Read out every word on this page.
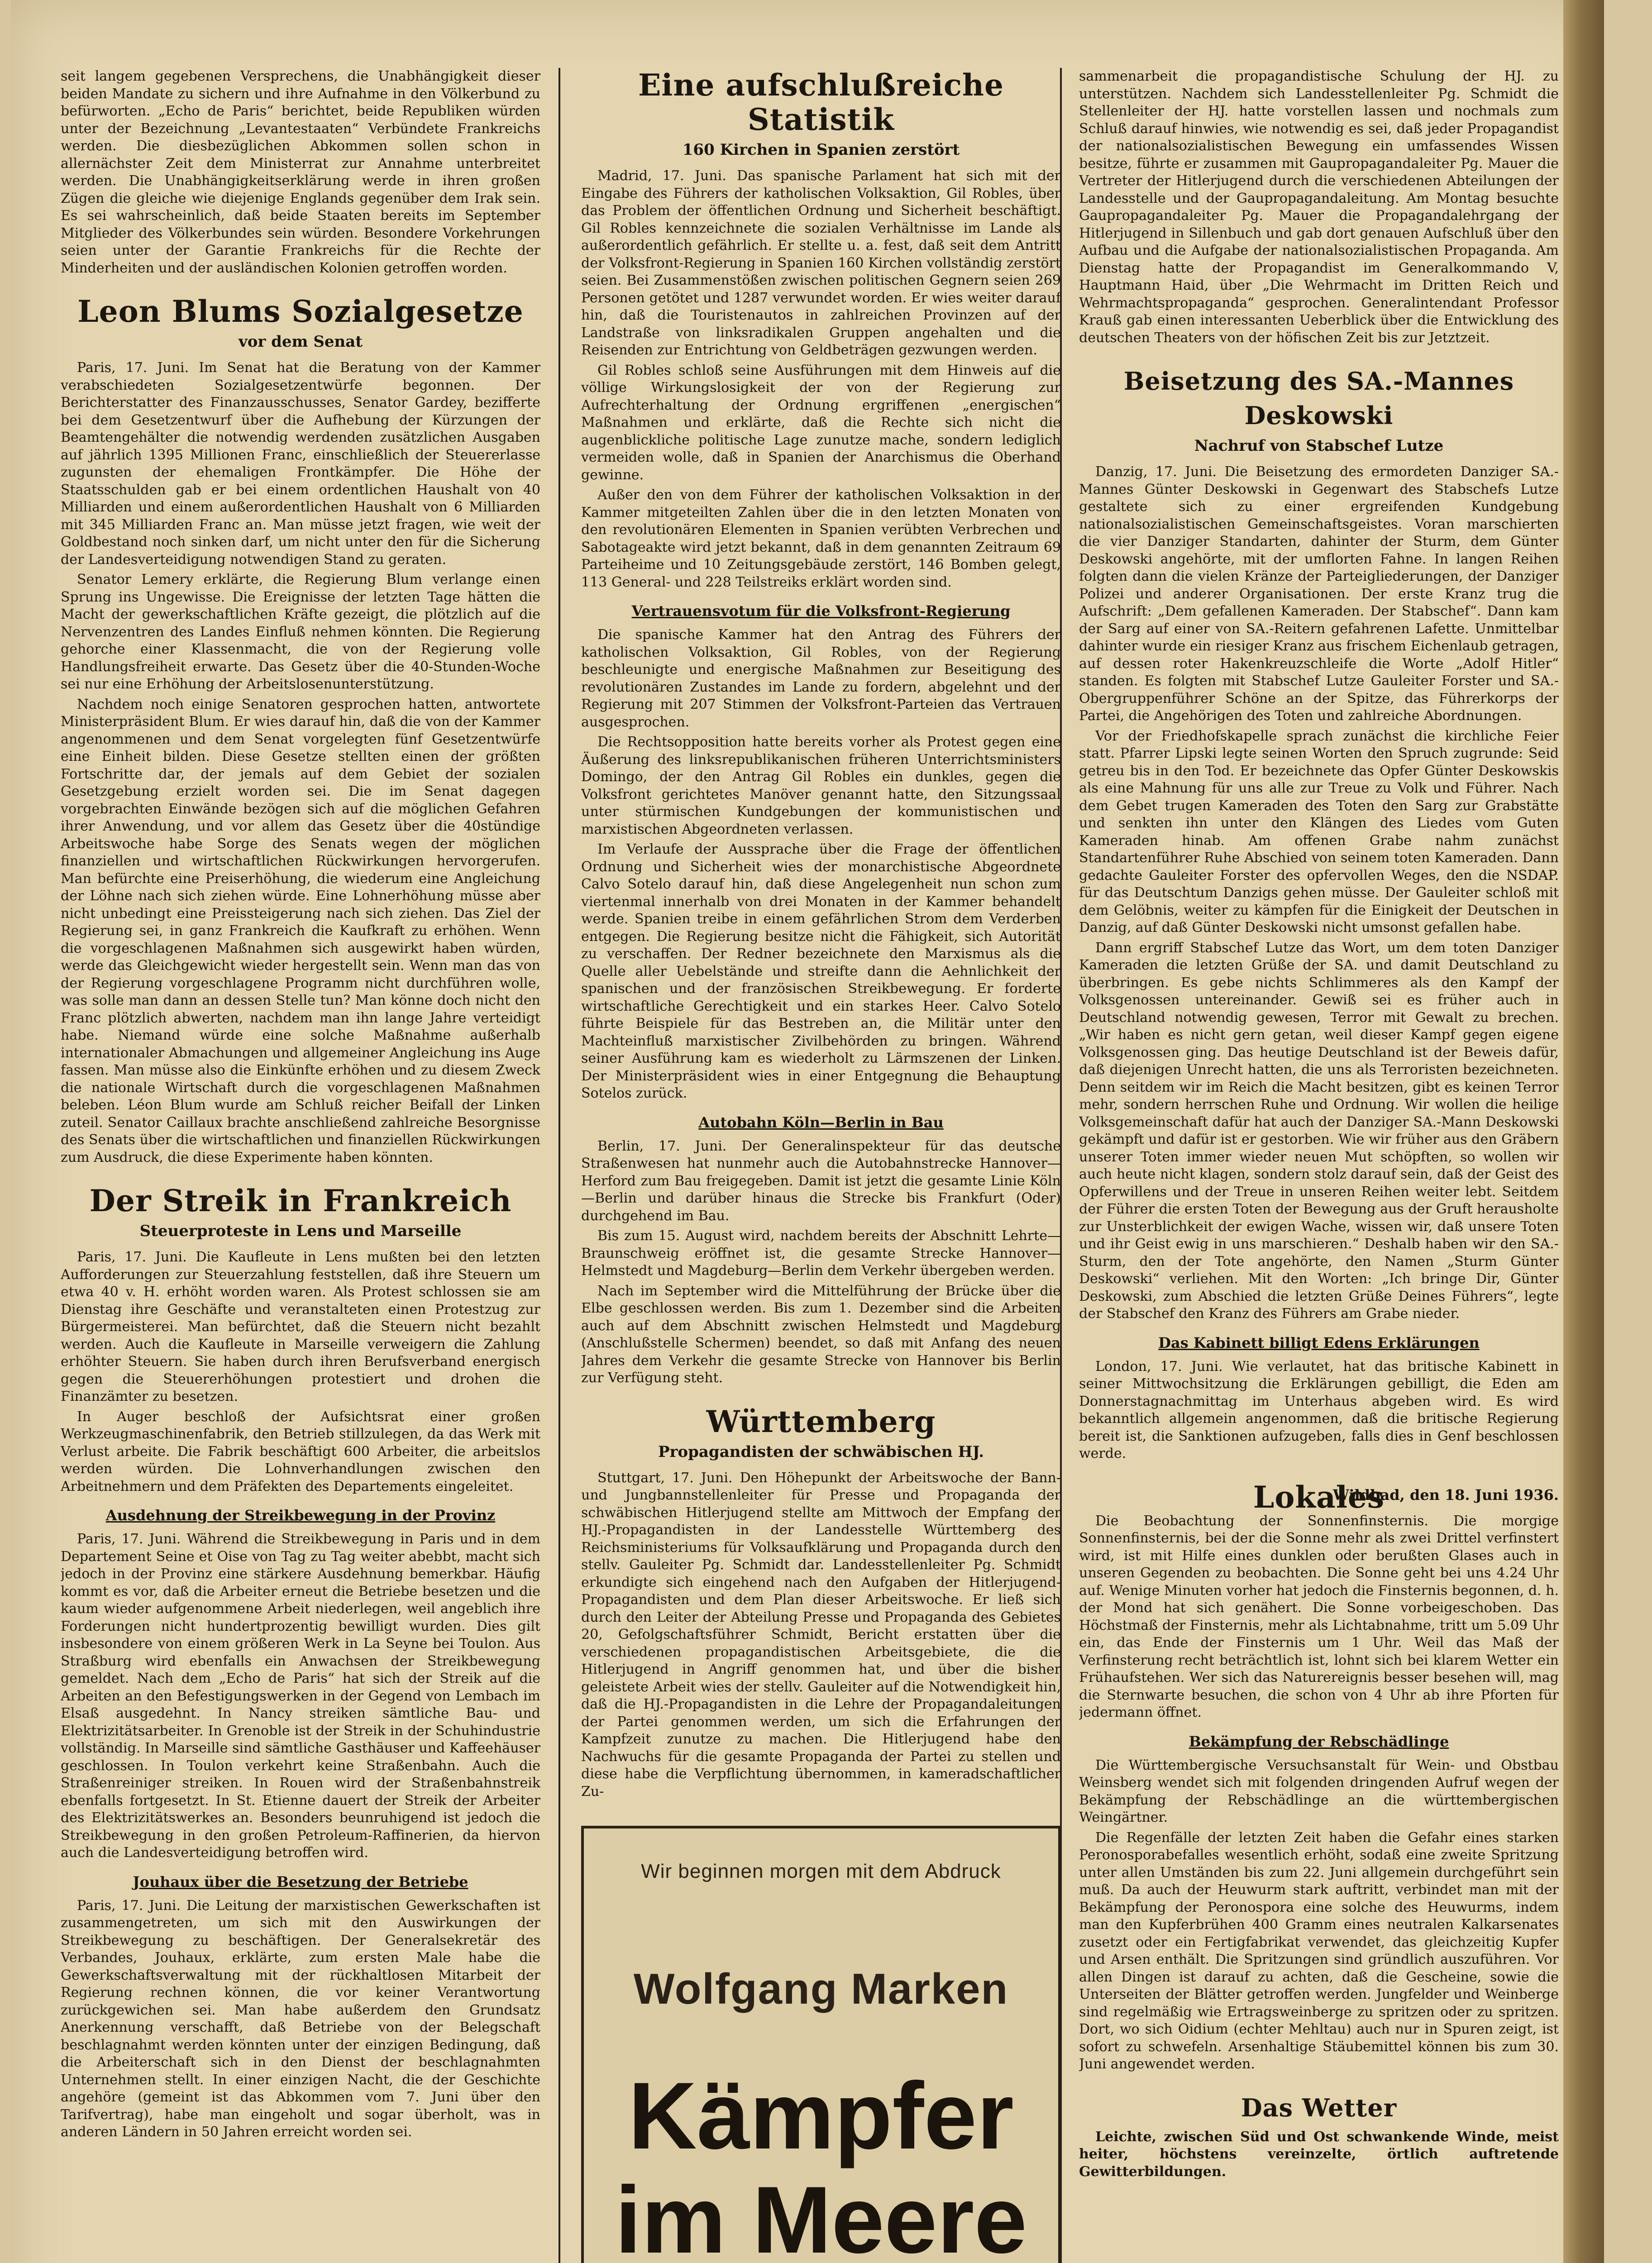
seit langem gegebenen Versprechens, die Unabhängigkeit dieser beiden Mandate zu sichern und ihre Aufnahme in den Völkerbund zu befürworten. „Echo de Paris“ berichtet, beide Republiken würden unter der Bezeichnung „Levantestaaten“ Verbündete Frankreichs werden. Die diesbezüglichen Abkommen sollen schon in allernächster Zeit dem Ministerrat zur Annahme unterbreitet werden. Die Unabhängigkeitserklärung werde in ihren großen Zügen die gleiche wie diejenige Englands gegenüber dem Irak sein. Es sei wahrscheinlich, daß beide Staaten bereits im September Mitglieder des Völkerbundes sein würden. Besondere Vorkehrungen seien unter der Garantie Frankreichs für die Rechte der Minderheiten und der ausländischen Kolonien getroffen worden.

Leon Blums Sozialgesetze
vor dem Senat

Paris, 17. Juni. Im Senat hat die Beratung von der Kammer verabschiedeten Sozialgesetzentwürfe begonnen. Der Berichterstatter des Finanzausschusses, Senator Gardey, bezifferte bei dem Gesetzentwurf über die Aufhebung der Kürzungen der Beamtengehälter die notwendig werdenden zusätzlichen Ausgaben auf jährlich 1395 Millionen Franc, einschließlich der Steuererlasse zugunsten der ehemaligen Frontkämpfer. Die Höhe der Staatsschulden gab er bei einem ordentlichen Haushalt von 40 Milliarden und einem außerordentlichen Haushalt von 6 Milliarden mit 345 Milliarden Franc an. Man müsse jetzt fragen, wie weit der Goldbestand noch sinken darf, um nicht unter den für die Sicherung der Landesverteidigung notwendigen Stand zu geraten.

Senator Lemery erklärte, die Regierung Blum verlange einen Sprung ins Ungewisse. Die Ereignisse der letzten Tage hätten die Macht der gewerkschaftlichen Kräfte gezeigt, die plötzlich auf die Nervenzentren des Landes Einfluß nehmen könnten. Die Regierung gehorche einer Klassenmacht, die von der Regierung volle Handlungsfreiheit erwarte. Das Gesetz über die 40-Stunden-Woche sei nur eine Erhöhung der Arbeitslosenunterstützung.

Nachdem noch einige Senatoren gesprochen hatten, antwortete Ministerpräsident Blum. Er wies darauf hin, daß die von der Kammer angenommenen und dem Senat vorgelegten fünf Gesetzentwürfe eine Einheit bilden. Diese Gesetze stellten einen der größten Fortschritte dar, der jemals auf dem Gebiet der sozialen Gesetzgebung erzielt worden sei. Die im Senat dagegen vorgebrachten Einwände bezögen sich auf die möglichen Gefahren ihrer Anwendung, und vor allem das Gesetz über die 40stündige Arbeitswoche habe Sorge des Senats wegen der möglichen finanziellen und wirtschaftlichen Rückwirkungen hervorgerufen. Man befürchte eine Preiserhöhung, die wiederum eine Angleichung der Löhne nach sich ziehen würde. Eine Lohnerhöhung müsse aber nicht unbedingt eine Preissteigerung nach sich ziehen. Das Ziel der Regierung sei, in ganz Frankreich die Kaufkraft zu erhöhen. Wenn die vorgeschlagenen Maßnahmen sich ausgewirkt haben würden, werde das Gleichgewicht wieder hergestellt sein. Wenn man das von der Regierung vorgeschlagene Programm nicht durchführen wolle, was solle man dann an dessen Stelle tun? Man könne doch nicht den Franc plötzlich abwerten, nachdem man ihn lange Jahre verteidigt habe. Niemand würde eine solche Maßnahme außerhalb internationaler Abmachungen und allgemeiner Angleichung ins Auge fassen. Man müsse also die Einkünfte erhöhen und zu diesem Zweck die nationale Wirtschaft durch die vorgeschlagenen Maßnahmen beleben. Léon Blum wurde am Schluß reicher Beifall der Linken zuteil. Senator Caillaux brachte anschließend zahlreiche Besorgnisse des Senats über die wirtschaftlichen und finanziellen Rückwirkungen zum Ausdruck, die diese Experimente haben könnten.

Der Streik in Frankreich
Steuerproteste in Lens und Marseille

Paris, 17. Juni. Die Kaufleute in Lens mußten bei den letzten Aufforderungen zur Steuerzahlung feststellen, daß ihre Steuern um etwa 40 v. H. erhöht worden waren. Als Protest schlossen sie am Dienstag ihre Geschäfte und veranstalteten einen Protestzug zur Bürgermeisterei. Man befürchtet, daß die Steuern nicht bezahlt werden. Auch die Kaufleute in Marseille verweigern die Zahlung erhöhter Steuern. Sie haben durch ihren Berufsverband energisch gegen die Steuererhöhungen protestiert und drohen die Finanzämter zu besetzen.

In Auger beschloß der Aufsichtsrat einer großen Werkzeugmaschinenfabrik, den Betrieb stillzulegen, da das Werk mit Verlust arbeite. Die Fabrik beschäftigt 600 Arbeiter, die arbeitslos werden würden. Die Lohnverhandlungen zwischen den Arbeitnehmern und dem Präfekten des Departements eingeleitet.

Ausdehnung der Streikbewegung in der Provinz

Paris, 17. Juni. Während die Streikbewegung in Paris und in dem Departement Seine et Oise von Tag zu Tag weiter abebbt, macht sich jedoch in der Provinz eine stärkere Ausdehnung bemerkbar. Häufig kommt es vor, daß die Arbeiter erneut die Betriebe besetzen und die kaum wieder aufgenommene Arbeit niederlegen, weil angeblich ihre Forderungen nicht hundertprozentig bewilligt wurden. Dies gilt insbesondere von einem größeren Werk in La Seyne bei Toulon. Aus Straßburg wird ebenfalls ein Anwachsen der Streikbewegung gemeldet. Nach dem „Echo de Paris“ hat sich der Streik auf die Arbeiten an den Befestigungswerken in der Gegend von Lembach im Elsaß ausgedehnt. In Nancy streiken sämtliche Bau- und Elektrizitätsarbeiter. In Grenoble ist der Streik in der Schuhindustrie vollständig. In Marseille sind sämtliche Gasthäuser und Kaffeehäuser geschlossen. In Toulon verkehrt keine Straßenbahn. Auch die Straßenreiniger streiken. In Rouen wird der Straßenbahnstreik ebenfalls fortgesetzt. In St. Etienne dauert der Streik der Arbeiter des Elektrizitätswerkes an. Besonders beunruhigend ist jedoch die Streikbewegung in den großen Petroleum-Raffinerien, da hiervon auch die Landesverteidigung betroffen wird.

Jouhaux über die Besetzung der Betriebe

Paris, 17. Juni. Die Leitung der marxistischen Gewerkschaften ist zusammengetreten, um sich mit den Auswirkungen der Streikbewegung zu beschäftigen. Der Generalsekretär des Verbandes, Jouhaux, erklärte, zum ersten Male habe die Gewerkschaftsverwaltung mit der rückhaltlosen Mitarbeit der Regierung rechnen können, die vor keiner Verantwortung zurückgewichen sei. Man habe außerdem den Grundsatz Anerkennung verschafft, daß Betriebe von der Belegschaft beschlagnahmt werden könnten unter der einzigen Bedingung, daß die Arbeiterschaft sich in den Dienst der beschlagnahmten Unternehmen stellt. In einer einzigen Nacht, die der Geschichte angehöre (gemeint ist das Abkommen vom 7. Juni über den Tarifvertrag), habe man eingeholt und sogar überholt, was in anderen Ländern in 50 Jahren erreicht worden sei.

Eine aufschlußreiche Statistik
160 Kirchen in Spanien zerstört

Madrid, 17. Juni. Das spanische Parlament hat sich mit der Eingabe des Führers der katholischen Volksaktion, Gil Robles, über das Problem der öffentlichen Ordnung und Sicherheit beschäftigt. Gil Robles kennzeichnete die sozialen Verhältnisse im Lande als außerordentlich gefährlich. Er stellte u. a. fest, daß seit dem Antritt der Volksfront-Regierung in Spanien 160 Kirchen vollständig zerstört seien. Bei Zusammenstößen zwischen politischen Gegnern seien 269 Personen getötet und 1287 verwundet worden. Er wies weiter darauf hin, daß die Touristenautos in zahlreichen Provinzen auf der Landstraße von linksradikalen Gruppen angehalten und die Reisenden zur Entrichtung von Geldbeträgen gezwungen werden.

Gil Robles schloß seine Ausführungen mit dem Hinweis auf die völlige Wirkungslosigkeit der von der Regierung zur Aufrechterhaltung der Ordnung ergriffenen „energischen“ Maßnahmen und erklärte, daß die Rechte sich nicht die augenblickliche politische Lage zunutze mache, sondern lediglich vermeiden wolle, daß in Spanien der Anarchismus die Oberhand gewinne.

Außer den von dem Führer der katholischen Volksaktion in der Kammer mitgeteilten Zahlen über die in den letzten Monaten von den revolutionären Elementen in Spanien verübten Verbrechen und Sabotageakte wird jetzt bekannt, daß in dem genannten Zeitraum 69 Parteiheime und 10 Zeitungsgebäude zerstört, 146 Bomben gelegt, 113 General- und 228 Teilstreiks erklärt worden sind.

Vertrauensvotum für die Volksfront-Regierung

Die spanische Kammer hat den Antrag des Führers der katholischen Volksaktion, Gil Robles, von der Regierung beschleunigte und energische Maßnahmen zur Beseitigung des revolutionären Zustandes im Lande zu fordern, abgelehnt und der Regierung mit 207 Stimmen der Volksfront-Parteien das Vertrauen ausgesprochen.

Die Rechtsopposition hatte bereits vorher als Protest gegen eine Äußerung des linksrepublikanischen früheren Unterrichtsministers Domingo, der den Antrag Gil Robles ein dunkles, gegen die Volksfront gerichtetes Manöver genannt hatte, den Sitzungssaal unter stürmischen Kundgebungen der kommunistischen und marxistischen Abgeordneten verlassen.

Im Verlaufe der Aussprache über die Frage der öffentlichen Ordnung und Sicherheit wies der monarchistische Abgeordnete Calvo Sotelo darauf hin, daß diese Angelegenheit nun schon zum viertenmal innerhalb von drei Monaten in der Kammer behandelt werde. Spanien treibe in einem gefährlichen Strom dem Verderben entgegen. Die Regierung besitze nicht die Fähigkeit, sich Autorität zu verschaffen. Der Redner bezeichnete den Marxismus als die Quelle aller Uebelstände und streifte dann die Aehnlichkeit der spanischen und der französischen Streikbewegung. Er forderte wirtschaftliche Gerechtigkeit und ein starkes Heer. Calvo Sotelo führte Beispiele für das Bestreben an, die Militär unter den Machteinfluß marxistischer Zivilbehörden zu bringen. Während seiner Ausführung kam es wiederholt zu Lärmszenen der Linken. Der Ministerpräsident wies in einer Entgegnung die Behauptung Sotelos zurück.

Autobahn Köln—Berlin in Bau

Berlin, 17. Juni. Der Generalinspekteur für das deutsche Straßenwesen hat nunmehr auch die Autobahnstrecke Hannover—Herford zum Bau freigegeben. Damit ist jetzt die gesamte Linie Köln—Berlin und darüber hinaus die Strecke bis Frankfurt (Oder) durchgehend im Bau.

Bis zum 15. August wird, nachdem bereits der Abschnitt Lehrte—Braunschweig eröffnet ist, die gesamte Strecke Hannover—Helmstedt und Magdeburg—Berlin dem Verkehr übergeben werden.

Nach im September wird die Mittelführung der Brücke über die Elbe geschlossen werden. Bis zum 1. Dezember sind die Arbeiten auch auf dem Abschnitt zwischen Helmstedt und Magdeburg (Anschlußstelle Schermen) beendet, so daß mit Anfang des neuen Jahres dem Verkehr die gesamte Strecke von Hannover bis Berlin zur Verfügung steht.

Württemberg
Propagandisten der schwäbischen HJ.

Stuttgart, 17. Juni. Den Höhepunkt der Arbeitswoche der Bann- und Jungbannstellenleiter für Presse und Propaganda der schwäbischen Hitlerjugend stellte am Mittwoch der Empfang der HJ.-Propagandisten in der Landesstelle Württemberg des Reichsministeriums für Volksaufklärung und Propaganda durch den stellv. Gauleiter Pg. Schmidt dar. Landesstellenleiter Pg. Schmidt erkundigte sich eingehend nach den Aufgaben der Hitlerjugend-Propagandisten und dem Plan dieser Arbeitswoche. Er ließ sich durch den Leiter der Abteilung Presse und Propaganda des Gebietes 20, Gefolgschaftsführer Schmidt, Bericht erstatten über die verschiedenen propagandistischen Arbeitsgebiete, die die Hitlerjugend in Angriff genommen hat, und über die bisher geleistete Arbeit wies der stellv. Gauleiter auf die Notwendigkeit hin, daß die HJ.-Propagandisten in die Lehre der Propagandaleitungen der Partei genommen werden, um sich die Erfahrungen der Kampfzeit zunutze zu machen. Die Hitlerjugend habe den Nachwuchs für die gesamte Propaganda der Partei zu stellen und diese habe die Verpflichtung übernommen, in kameradschaftlicher Zu-

Wir beginnen morgen mit dem Abdruck
Wolfgang Marken
Kämpfer
im Meere

sammenarbeit die propagandistische Schulung der HJ. zu unterstützen. Nachdem sich Landesstellenleiter Pg. Schmidt die Stellenleiter der HJ. hatte vorstellen lassen und nochmals zum Schluß darauf hinwies, wie notwendig es sei, daß jeder Propagandist der nationalsozialistischen Bewegung ein umfassendes Wissen besitze, führte er zusammen mit Gaupropagandaleiter Pg. Mauer die Vertreter der Hitlerjugend durch die verschiedenen Abteilungen der Landesstelle und der Gaupropagandaleitung. Am Montag besuchte Gaupropagandaleiter Pg. Mauer die Propagandalehrgang der Hitlerjugend in Sillenbuch und gab dort genauen Aufschluß über den Aufbau und die Aufgabe der nationalsozialistischen Propaganda. Am Dienstag hatte der Propagandist im Generalkommando V, Hauptmann Haid, über „Die Wehrmacht im Dritten Reich und Wehrmachtspropaganda“ gesprochen. Generalintendant Professor Krauß gab einen interessanten Ueberblick über die Entwicklung des deutschen Theaters von der höfischen Zeit bis zur Jetztzeit.

Beisetzung des SA.-Mannes Deskowski
Nachruf von Stabschef Lutze

Danzig, 17. Juni. Die Beisetzung des ermordeten Danziger SA.-Mannes Günter Deskowski in Gegenwart des Stabschefs Lutze gestaltete sich zu einer ergreifenden Kundgebung nationalsozialistischen Gemeinschaftsgeistes. Voran marschierten die vier Danziger Standarten, dahinter der Sturm, dem Günter Deskowski angehörte, mit der umflorten Fahne. In langen Reihen folgten dann die vielen Kränze der Parteigliederungen, der Danziger Polizei und anderer Organisationen. Der erste Kranz trug die Aufschrift: „Dem gefallenen Kameraden. Der Stabschef“. Dann kam der Sarg auf einer von SA.-Reitern gefahrenen Lafette. Unmittelbar dahinter wurde ein riesiger Kranz aus frischem Eichenlaub getragen, auf dessen roter Hakenkreuzschleife die Worte „Adolf Hitler“ standen. Es folgten mit Stabschef Lutze Gauleiter Forster und SA.-Obergruppenführer Schöne an der Spitze, das Führerkorps der Partei, die Angehörigen des Toten und zahlreiche Abordnungen.

Vor der Friedhofskapelle sprach zunächst die kirchliche Feier statt. Pfarrer Lipski legte seinen Worten den Spruch zugrunde: Seid getreu bis in den Tod. Er bezeichnete das Opfer Günter Deskowskis als eine Mahnung für uns alle zur Treue zu Volk und Führer. Nach dem Gebet trugen Kameraden des Toten den Sarg zur Grabstätte und senkten ihn unter den Klängen des Liedes vom Guten Kameraden hinab. Am offenen Grabe nahm zunächst Standartenführer Ruhe Abschied von seinem toten Kameraden. Dann gedachte Gauleiter Forster des opfervollen Weges, den die NSDAP. für das Deutschtum Danzigs gehen müsse. Der Gauleiter schloß mit dem Gelöbnis, weiter zu kämpfen für die Einigkeit der Deutschen in Danzig, auf daß Günter Deskowski nicht umsonst gefallen habe.

Dann ergriff Stabschef Lutze das Wort, um dem toten Danziger Kameraden die letzten Grüße der SA. und damit Deutschland zu überbringen. Es gebe nichts Schlimmeres als den Kampf der Volksgenossen untereinander. Gewiß sei es früher auch in Deutschland notwendig gewesen, Terror mit Gewalt zu brechen. „Wir haben es nicht gern getan, weil dieser Kampf gegen eigene Volksgenossen ging. Das heutige Deutschland ist der Beweis dafür, daß diejenigen Unrecht hatten, die uns als Terroristen bezeichneten. Denn seitdem wir im Reich die Macht besitzen, gibt es keinen Terror mehr, sondern herrschen Ruhe und Ordnung. Wir wollen die heilige Volksgemeinschaft dafür hat auch der Danziger SA.-Mann Deskowski gekämpft und dafür ist er gestorben. Wie wir früher aus den Gräbern unserer Toten immer wieder neuen Mut schöpften, so wollen wir auch heute nicht klagen, sondern stolz darauf sein, daß der Geist des Opferwillens und der Treue in unseren Reihen weiter lebt. Seitdem der Führer die ersten Toten der Bewegung aus der Gruft herausholte zur Unsterblichkeit der ewigen Wache, wissen wir, daß unsere Toten und ihr Geist ewig in uns marschieren.“ Deshalb haben wir den SA.-Sturm, den der Tote angehörte, den Namen „Sturm Günter Deskowski“ verliehen. Mit den Worten: „Ich bringe Dir, Günter Deskowski, zum Abschied die letzten Grüße Deines Führers“, legte der Stabschef den Kranz des Führers am Grabe nieder.

Das Kabinett billigt Edens Erklärungen

London, 17. Juni. Wie verlautet, hat das britische Kabinett in seiner Mittwochsitzung die Erklärungen gebilligt, die Eden am Donnerstagnachmittag im Unterhaus abgeben wird. Es wird bekanntlich allgemein angenommen, daß die britische Regierung bereit ist, die Sanktionen aufzugeben, falls dies in Genf beschlossen werde.

Lokales
Wildbad, den 18. Juni 1936.

Die Beobachtung der Sonnenfinsternis. Die morgige Sonnenfinsternis, bei der die Sonne mehr als zwei Drittel verfinstert wird, ist mit Hilfe eines dunklen oder berußten Glases auch in unseren Gegenden zu beobachten. Die Sonne geht bei uns 4.24 Uhr auf. Wenige Minuten vorher hat jedoch die Finsternis begonnen, d. h. der Mond hat sich genähert. Die Sonne vorbeigeschoben. Das Höchstmaß der Finsternis, mehr als Lichtabnahme, tritt um 5.09 Uhr ein, das Ende der Finsternis um 1 Uhr. Weil das Maß der Verfinsterung recht beträchtlich ist, lohnt sich bei klarem Wetter ein Frühaufstehen. Wer sich das Naturereignis besser besehen will, mag die Sternwarte besuchen, die schon von 4 Uhr ab ihre Pforten für jedermann öffnet.

Bekämpfung der Rebschädlinge

Die Württembergische Versuchsanstalt für Wein- und Obstbau Weinsberg wendet sich mit folgenden dringenden Aufruf wegen der Bekämpfung der Rebschädlinge an die württembergischen Weingärtner.

Die Regenfälle der letzten Zeit haben die Gefahr eines starken Peronosporabefalles wesentlich erhöht, sodaß eine zweite Spritzung unter allen Umständen bis zum 22. Juni allgemein durchgeführt sein muß. Da auch der Heuwurm stark auftritt, verbindet man mit der Bekämpfung der Peronospora eine solche des Heuwurms, indem man den Kupferbrühen 400 Gramm eines neutralen Kalkarsenates zusetzt oder ein Fertigfabrikat verwendet, das gleichzeitig Kupfer und Arsen enthält. Die Spritzungen sind gründlich auszuführen. Vor allen Dingen ist darauf zu achten, daß die Gescheine, sowie die Unterseiten der Blätter getroffen werden. Jungfelder und Weinberge sind regelmäßig wie Ertragsweinberge zu spritzen oder zu spritzen. Dort, wo sich Oidium (echter Mehltau) auch nur in Spuren zeigt, ist sofort zu schwefeln. Arsenhaltige Stäubemittel können bis zum 30. Juni angewendet werden.

Das Wetter

Leichte, zwischen Süd und Ost schwankende Winde, meist heiter, höchstens vereinzelte, örtlich auftretende Gewitterbildungen.
